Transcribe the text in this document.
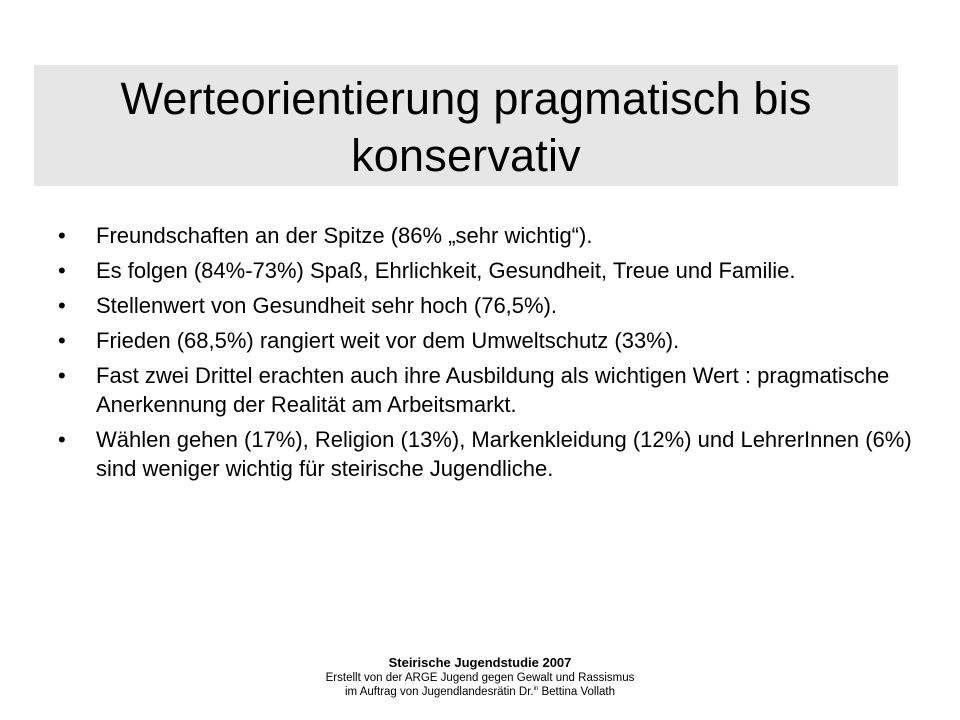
Werteorientierung pragmatisch bis konservativ
•	Freundschaften an der Spitze (86% „sehr wichtig“).
•	Es folgen (84%-73%) Spaß, Ehrlichkeit, Gesundheit, Treue und Familie.
•	Stellenwert von Gesundheit sehr hoch (76,5%).
•	Frieden (68,5%) rangiert weit vor dem Umweltschutz (33%).
•	Fast zwei Drittel erachten auch ihre Ausbildung als wichtigen Wert : pragmatische Anerkennung der Realität am Arbeitsmarkt.
•	Wählen gehen (17%), Religion (13%), Markenkleidung (12%) und LehrerInnen (6%) sind weniger wichtig für steirische Jugendliche.
Steirische Jugendstudie 2007
Erstellt von der ARGE Jugend gegen Gewalt und Rassismus
im Auftrag von Jugendlandesrätin Dr.$^{in}$ Bettina Vollath
